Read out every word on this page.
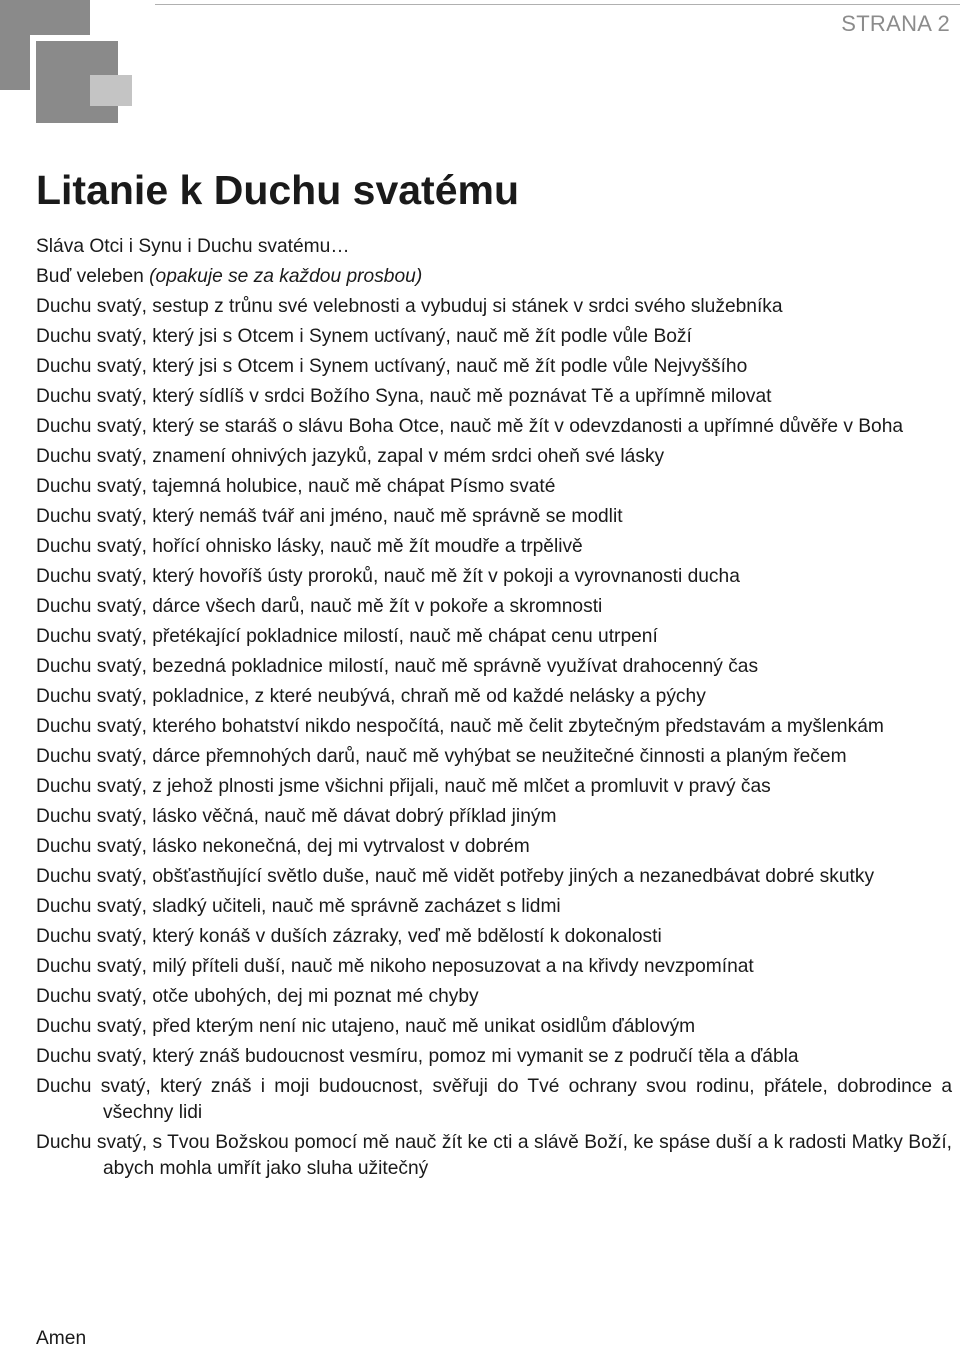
STRANA 2
Litanie k Duchu svatému
Sláva Otci i Synu i Duchu svatému…
Buď veleben (opakuje se za každou prosbou)
Duchu svatý, sestup z trůnu své velebnosti a vybuduj si stánek v srdci svého služebníka
Duchu svatý, který jsi s Otcem i Synem uctívaný, nauč mě žít podle vůle Boží
Duchu svatý, který jsi s Otcem i Synem uctívaný, nauč mě žít podle vůle Nejvyššího
Duchu svatý, který sídlíš v srdci Božího Syna, nauč mě poznávat Tě a upřímně milovat
Duchu svatý, který se staráš o slávu Boha Otce, nauč mě žít v odevzdanosti a upřímné důvěře v Boha
Duchu svatý, znamení ohnivých jazyků, zapal v mém srdci oheň své lásky
Duchu svatý, tajemná holubice, nauč mě chápat Písmo svaté
Duchu svatý, který nemáš tvář ani jméno, nauč mě správně se modlit
Duchu svatý, hořící ohnisko lásky, nauč mě žít moudře a trpělivě
Duchu svatý, který hovoříš ústy proroků, nauč mě žít v pokoji a vyrovnanosti ducha
Duchu svatý, dárce všech darů, nauč mě žít v pokoře a skromnosti
Duchu svatý, přetékající pokladnice milostí, nauč mě chápat cenu utrpení
Duchu svatý, bezedná pokladnice milostí, nauč mě správně využívat drahocenný čas
Duchu svatý, pokladnice, z které neubývá, chraň mě od každé nelásky a pýchy
Duchu svatý, kterého bohatství nikdo nespočítá, nauč mě čelit zbytečným představám a myšlenkám
Duchu svatý, dárce přemnohých darů, nauč mě vyhýbat se neužitečné činnosti a planým řečem
Duchu svatý, z jehož plnosti jsme všichni přijali, nauč mě mlčet a promluvit v pravý čas
Duchu svatý, lásko věčná, nauč mě dávat dobrý příklad jiným
Duchu svatý, lásko nekonečná, dej mi vytrvalost v dobrém
Duchu svatý, obšťastňující světlo duše, nauč mě vidět potřeby jiných a nezanedbávat dobré skutky
Duchu svatý, sladký učiteli, nauč mě správně zacházet s lidmi
Duchu svatý, který konáš v duších zázraky, veď mě bdělostí k dokonalosti
Duchu svatý, milý příteli duší, nauč mě nikoho neposuzovat a na křivdy nevzpomínat
Duchu svatý, otče ubohých, dej mi poznat mé chyby
Duchu svatý, před kterým není nic utajeno, nauč mě unikat osidlům ďáblovým
Duchu svatý, který znáš budoucnost vesmíru, pomoz mi vymanit se z područí těla a ďábla
Duchu svatý, který znáš i moji budoucnost, svěřuji do Tvé ochrany svou rodinu, přátele, dobrodince a všechny lidi
Duchu svatý, s Tvou Božskou pomocí mě nauč žít ke cti a slávě Boží, ke spáse duší a k radosti Matky Boží, abych mohla umřít jako sluha užitečný
Amen
